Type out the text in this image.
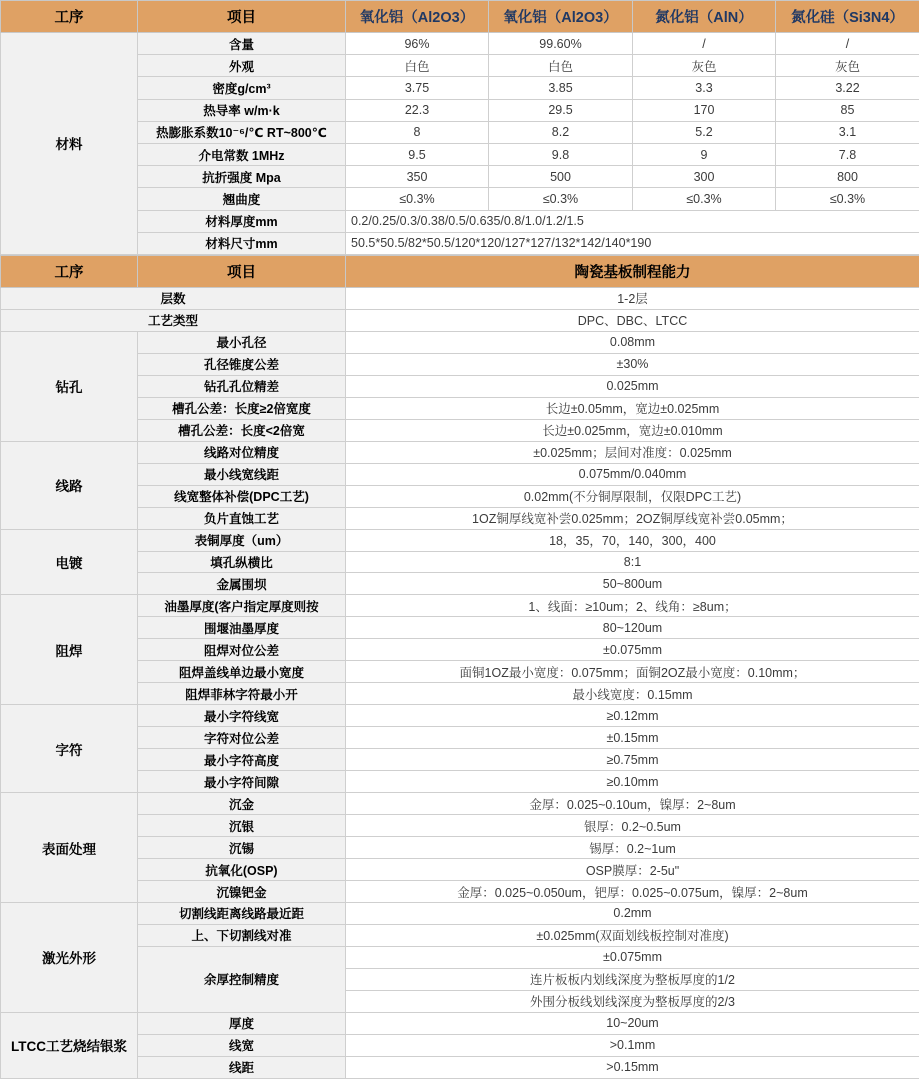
工序	项目	氧化铝（Al2O3）	氧化铝（Al2O3）	氮化铝（AlN）	氮化硅（Si3N4）
材料	含量	96%	99.60%	/	/
	外观	白色	白色	灰色	灰色
	密度g/cm³	3.75	3.85	3.3	3.22
	热导率 w/m·k	22.3	29.5	170	85
	热膨胀系数10⁻⁶/℃ RT~800℃	8	8.2	5.2	3.1
	介电常数 1MHz	9.5	9.8	9	7.8
	抗折强度 Mpa	350	500	300	800
	翘曲度	≤0.3%	≤0.3%	≤0.3%	≤0.3%
	材料厚度mm	0.2/0.25/0.3/0.38/0.5/0.635/0.8/1.0/1.2/1.5			
	材料尺寸mm	50.5*50.5/82*50.5/120*120/127*127/132*142/140*190			
工序	项目	陶瓷基板制程能力
层数		1-2层
工艺类型		DPC、DBC、LTCC
钻孔	最小孔径	0.08mm
	孔径锥度公差	±30%
	钻孔孔位精差	0.025mm
	槽孔公差：长度≥2倍宽度	长边±0.05mm，宽边±0.025mm
	槽孔公差：长度<2倍宽	长边±0.025mm，宽边±0.010mm
线路	线路对位精度	±0.025mm；层间对准度：0.025mm
	最小线宽线距	0.075mm/0.040mm
	线宽整体补偿(DPC工艺)	0.02mm(不分铜厚限制，仅限DPC工艺)
	负片直蚀工艺	1OZ铜厚线宽补尝0.025mm；2OZ铜厚线宽补尝0.05mm；
电镀	表铜厚度（um）	18，35，70，140，300，400
	填孔纵横比	8:1
	金属围坝	50~800um
阻焊	油墨厚度(客户指定厚度则按	1、线面：≥10um；2、线角：≥8um；
	围堰油墨厚度	80~120um
	阻焊对位公差	±0.075mm
	阻焊盖线单边最小宽度	面铜1OZ最小宽度：0.075mm；面铜2OZ最小宽度：0.10mm；
	阻焊菲林字符最小开	最小线宽度：0.15mm
字符	最小字符线宽	≥0.12mm
	字符对位公差	±0.15mm
	最小字符高度	≥0.75mm
	最小字符间隙	≥0.10mm
表面处理	沉金	金厚：0.025~0.10um，镍厚：2~8um
	沉银	银厚：0.2~0.5um
	沉锡	锡厚：0.2~1um
	抗氧化(OSP)	OSP膜厚：2-5u"
	沉镍钯金	金厚：0.025~0.050um，钯厚：0.025~0.075um，镍厚：2~8um
激光外形	切割线距离线路最近距	0.2mm
	上、下切割线对准	±0.025mm(双面划线板控制对准度)
	余厚控制精度	±0.075mm
		连片板板内划线深度为整板厚度的1/2
		外围分板线划线深度为整板厚度的2/3
LTCC工艺烧结银浆	厚度	10~20um
	线宽	>0.1mm
	线距	>0.15mm
